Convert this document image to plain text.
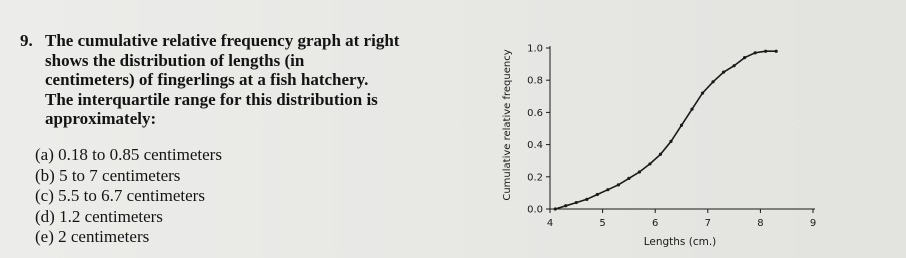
9. The cumulative relative frequency graph at right
shows the distribution of lengths (in
centimeters) of fingerlings at a fish hatchery.
The interquartile range for this distribution is
approximately:
(a) 0.18 to 0.85 centimeters
(b) 5 to 7 centimeters
(c) 5.5 to 6.7 centimeters
(d) 1.2 centimeters
(e) 2 centimeters
0.0
0.2
0.4
0.6
0.8
1.0
4	5	6	7	8	9
Cumulative relative frequency
Lengths (cm.)
